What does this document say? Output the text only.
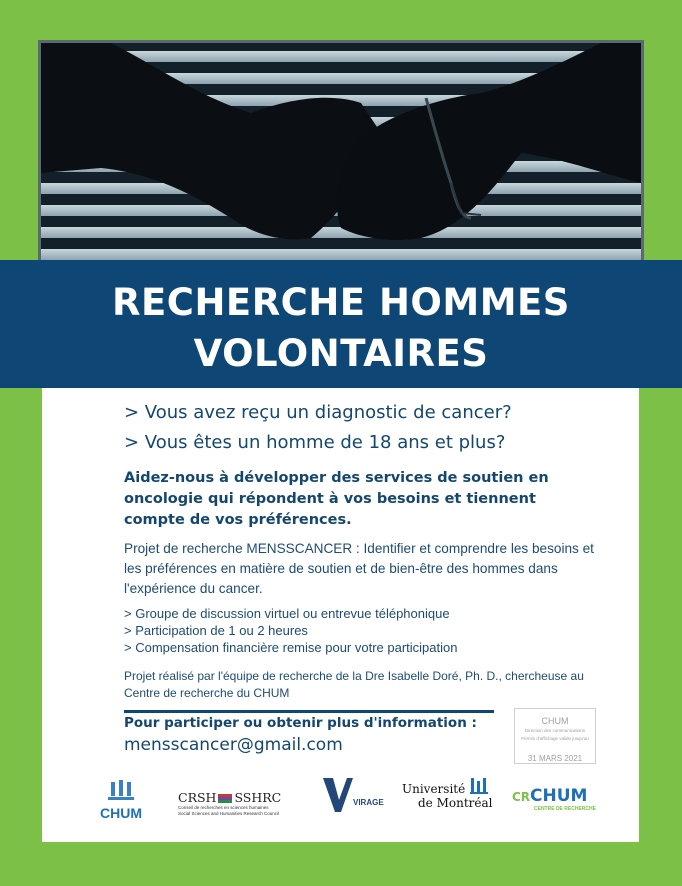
RECHERCHE HOMMES
VOLONTAIRES
> Vous avez reçu un diagnostic de cancer?
> Vous êtes un homme de 18 ans et plus?
Aidez-nous à développer des services de soutien en oncologie qui répondent à vos besoins et tiennent compte de vos préférences.
Projet de recherche MENSSCANCER : Identifier et comprendre les besoins et les préférences en matière de soutien et de bien-être des hommes dans l'expérience du cancer.
> Groupe de discussion virtuel ou entrevue téléphonique
> Participation de 1 ou 2 heures
> Compensation financière remise pour votre participation
Projet réalisé par l'équipe de recherche de la Dre Isabelle Doré, Ph. D., chercheuse au Centre de recherche du CHUM
Pour participer ou obtenir plus d'information :
mensscancer@gmail.com
CHUM
Direction des communications
Permis d'affichage valide jusqu'au
31 MARS 2021
CHUM
CRSH SSHRC
Conseil de recherches en sciences humaines
Social Sciences and Humanities Research Council
VIRAGE
Université
de Montréal	CRCHUM
CENTRE DE RECHERCHE
